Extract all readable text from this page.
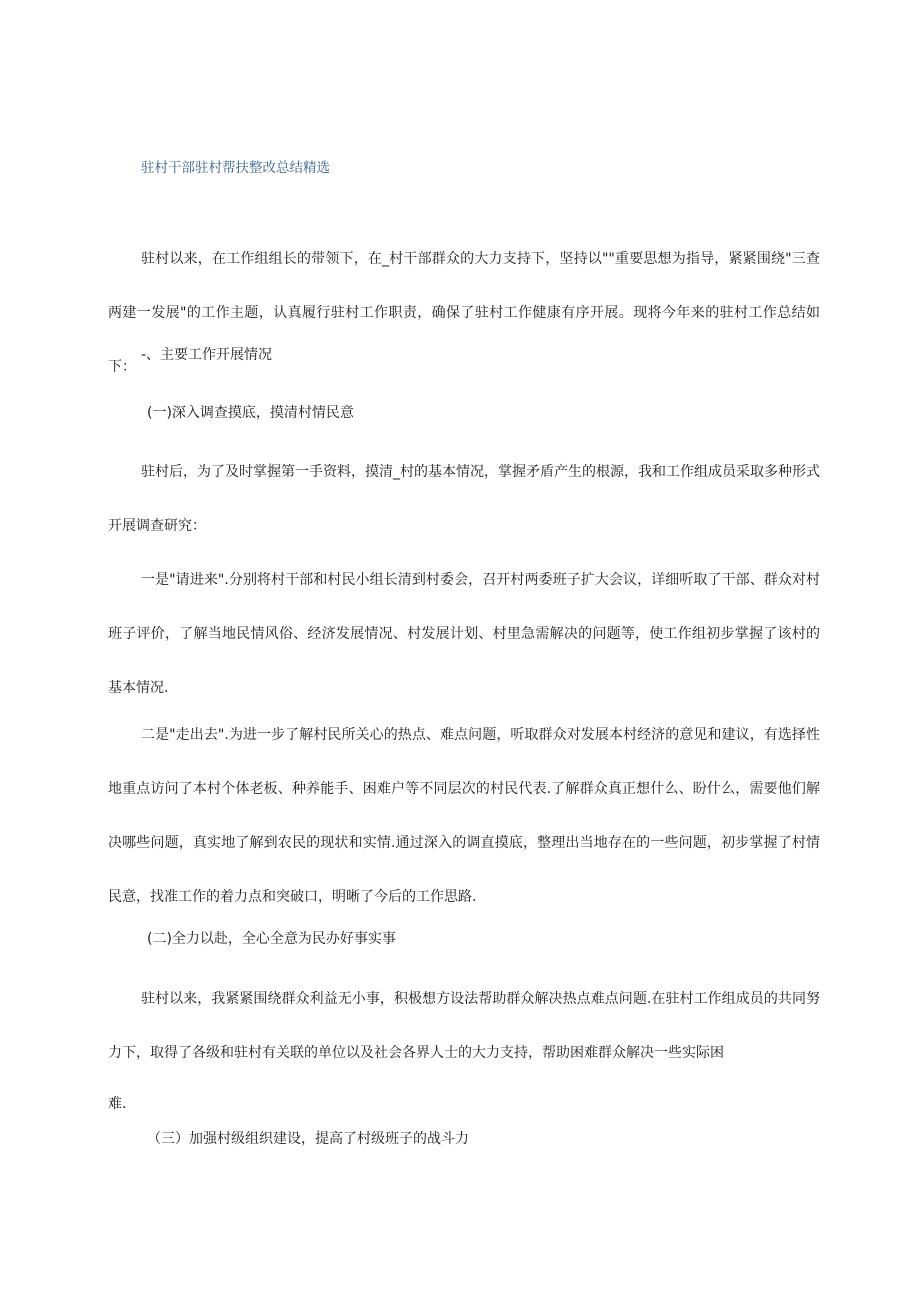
驻村干部驻村帮扶整改总结精选

驻村以来，在工作组组长的带领下，在_村干部群众的大力支持下，坚持以""重要思想为指导，紧紧围绕"三查两建一发展"的工作主题，认真履行驻村工作职责，确保了驻村工作健康有序开展。现将今年来的驻村工作总结如下：

-、主要工作开展情况

(一)深入调查摸底，摸清村情民意

驻村后，为了及时掌握第一手资料，摸清_村的基本情况，掌握矛盾产生的根源，我和工作组成员采取多种形式开展调查研究：

一是"请进来".分别将村干部和村民小组长清到村委会，召开村两委班子扩大会议，详细听取了干部、群众对村班子评价，了解当地民情风俗、经济发展情况、村发展计划、村里急需解决的问题等，使工作组初步掌握了该村的基本情况.

二是"走出去".为进一步了解村民所关心的热点、难点问题，听取群众对发展本村经济的意见和建议，有选择性地重点访问了本村个体老板、种养能手、困难户等不同层次的村民代表.了解群众真正想什么、盼什么，需要他们解决哪些问题，真实地了解到农民的现状和实情.通过深入的调直摸底，整理出当地存在的一些问题，初步掌握了村情民意，找准工作的着力点和突破口，明晰了今后的工作思路.

(二)全力以赴，全心全意为民办好事实事

驻村以来，我紧紧围绕群众利益无小事，积极想方设法帮助群众解决热点难点问题.在驻村工作组成员的共同努力下，取得了各级和驻村有关联的单位以及社会各界人士的大力支持，帮助困难群众解决一些实际困

难.

（三）加强村级组织建设，提高了村级班子的战斗力
